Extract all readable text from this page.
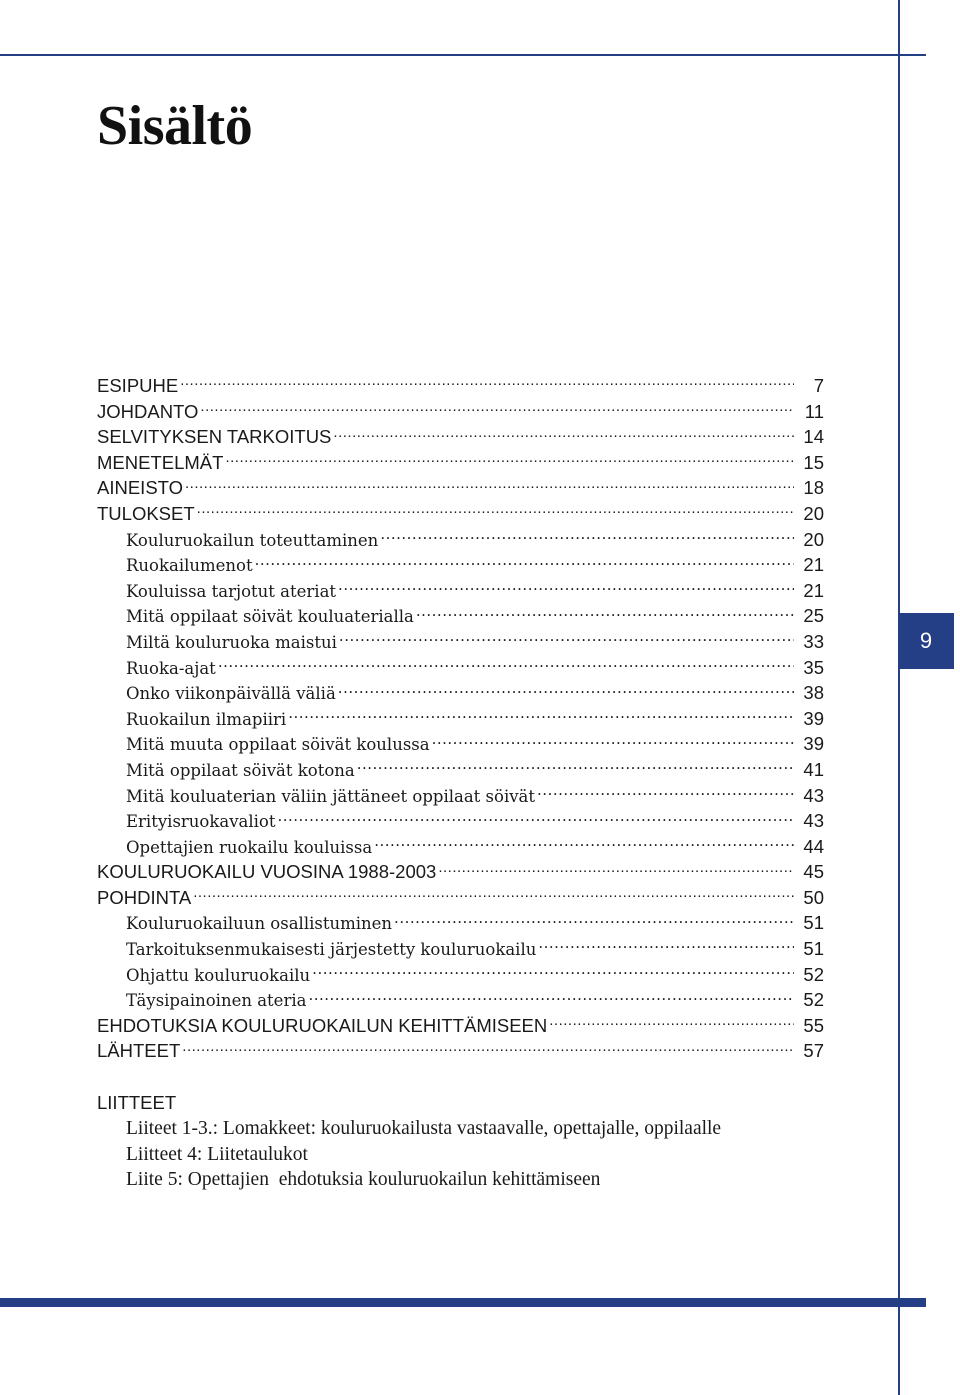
9
Sisältö
ESIPUHE .....	7
JOHDANTO .....	11
SELVITYKSEN TARKOITUS .....	14
MENETELMÄT .....	15
AINEISTO .....	18
TULOKSET .....	20
Kouluruokailun toteuttaminen .....	20
Ruokailumenot .....	21
Kouluissa tarjotut ateriat .....	21
Mitä oppilaat söivät kouluaterialla .....	25
Miltä kouluruoka maistui .....	33
Ruoka-ajat .....	35
Onko viikonpäivällä väliä .....	38
Ruokailun ilmapiiri .....	39
Mitä muuta oppilaat söivät koulussa .....	39
Mitä oppilaat söivät kotona .....	41
Mitä kouluaterian väliin jättäneet oppilaat söivät .....	43
Erityisruokavaliot .....	43
Opettajien ruokailu kouluissa .....	44
KOULURUOKAILU VUOSINA 1988-2003 .....	45
POHDINTA .....	50
Kouluruokailuun osallistuminen .....	51
Tarkoituksenmukaisesti järjestetty kouluruokailu .....	51
Ohjattu kouluruokailu .....	52
Täysipainoinen ateria .....	52
EHDOTUKSIA KOULURUOKAILUN KEHITTÄMISEEN .....	55
LÄHTEET .....	57

LIITTEET

Liiteet 1-3.: Lomakkeet: kouluruokailusta vastaavalle, opettajalle, oppilaalle
Liitteet 4: Liitetaulukot
Liite 5: Opettajien  ehdotuksia kouluruokailun kehittämiseen
